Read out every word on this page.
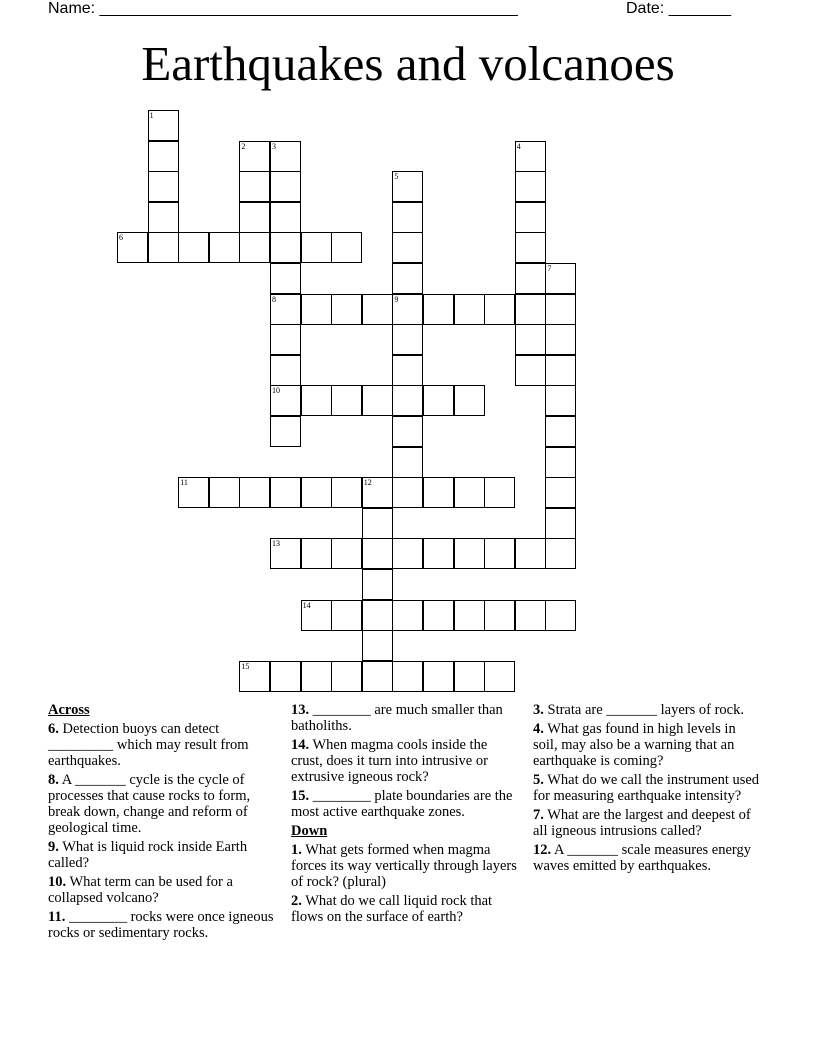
Name: _______________________________________________	Date: _______
Earthquakes and volcanoes
1
2	3
8
10
4
5
9
6
7
11	12
13
14
15
Across
6. Detection buoys can detect _________ which may result from earthquakes.
8. A _______ cycle is the cycle of processes that cause rocks to form, break down, change and reform of geological time.
9. What is liquid rock inside Earth called?
10. What term can be used for a collapsed volcano?
11. ________ rocks were once igneous rocks or sedimentary rocks.
13. ________ are much smaller than batholiths.
14. When magma cools inside the crust, does it turn into intrusive or extrusive igneous rock?
15. ________ plate boundaries are the most active earthquake zones.
Down
1. What gets formed when magma forces its way vertically through layers of rock? (plural)
2. What do we call liquid rock that flows on the surface of earth?
3. Strata are _______ layers of rock.
4. What gas found in high levels in soil, may also be a warning that an earthquake is coming?
5. What do we call the instrument used for measuring earthquake intensity?
7. What are the largest and deepest of all igneous intrusions called?
12. A _______ scale measures energy waves emitted by earthquakes.
